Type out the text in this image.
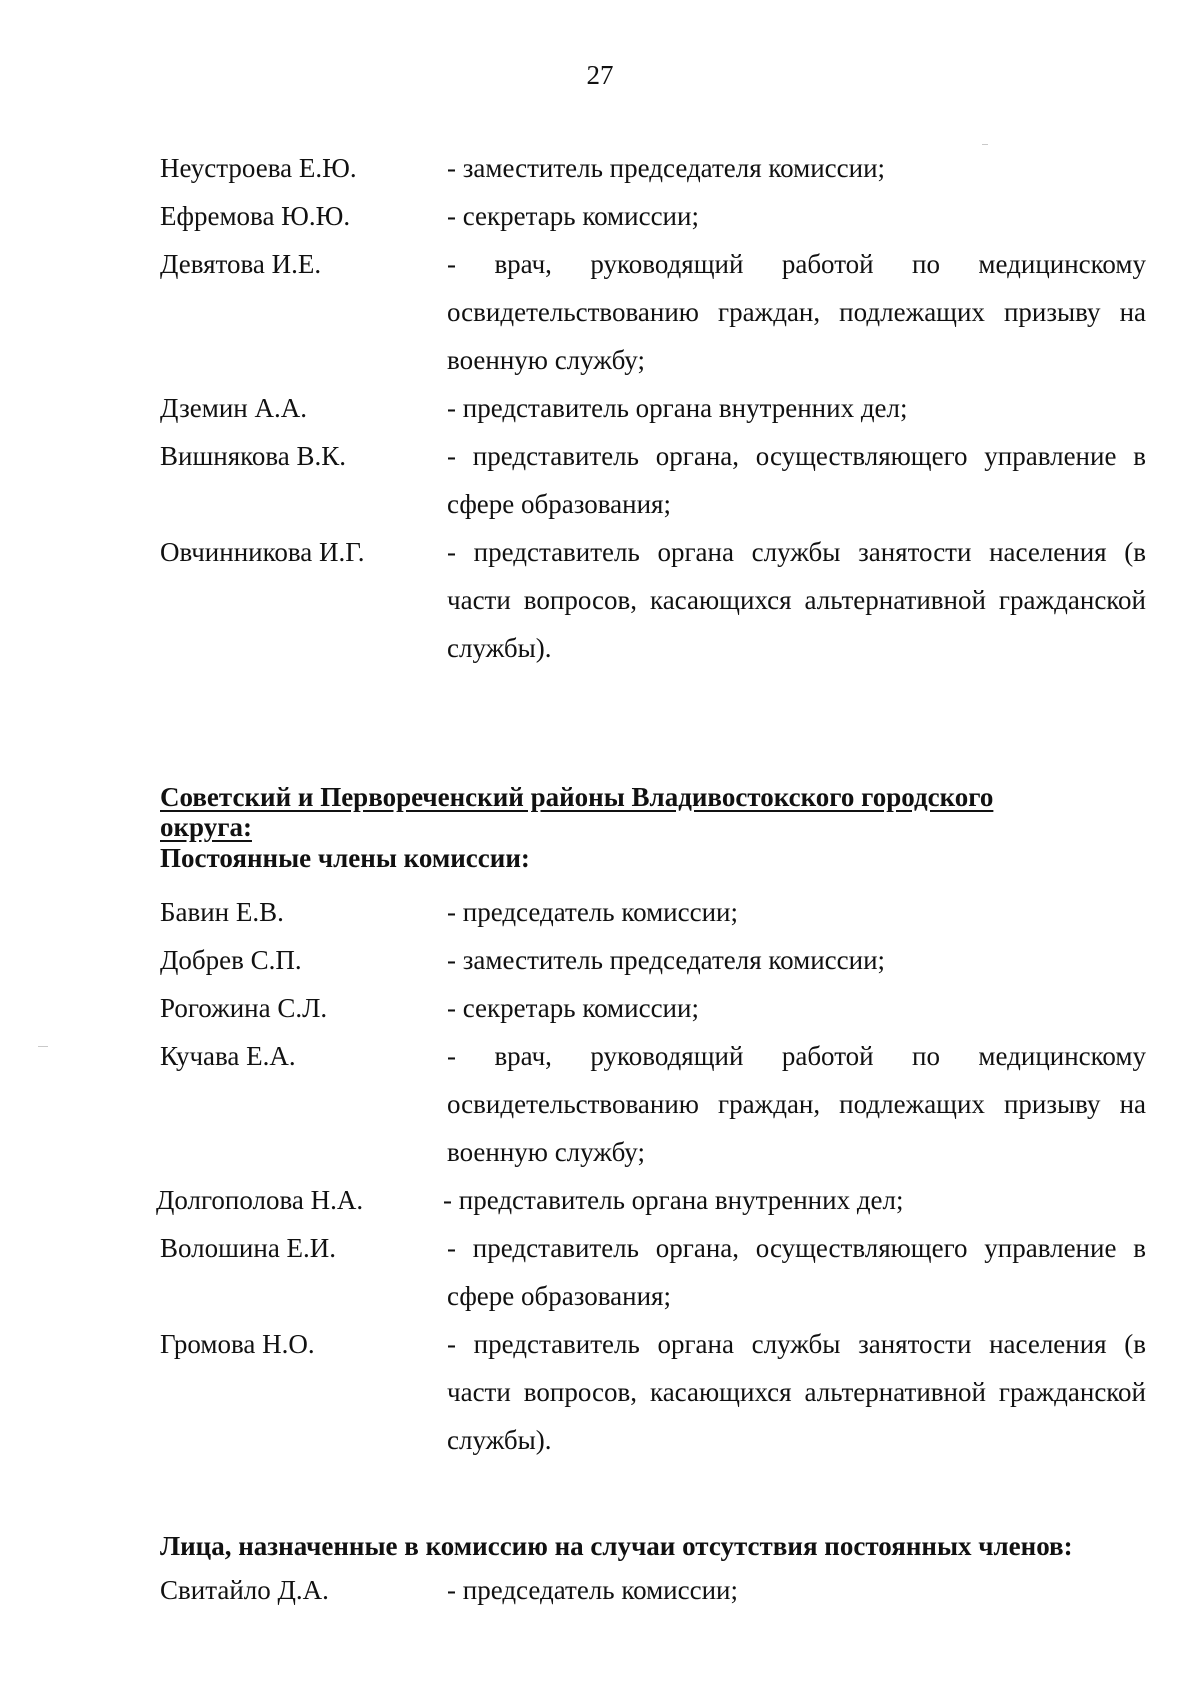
27
Неустроева Е.Ю.	- заместитель председателя комиссии;
Ефремова Ю.Ю.	- секретарь комиссии;
Девятова И.Е.	- врач, руководящий работой по медицинскому освидетельствованию граждан, подлежащих призыву на военную службу;
Дземин А.А.	- представитель органа внутренних дел;
Вишнякова В.К.	- представитель органа, осуществляющего управление в сфере образования;
Овчинникова И.Г.	- представитель органа службы занятости населения (в части вопросов, касающихся альтернативной гражданской службы).
Советский и Первореченский районы Владивостокского городского округа:
Постоянные члены комиссии:
Бавин Е.В.	- председатель комиссии;
Добрев С.П.	- заместитель председателя комиссии;
Рогожина С.Л.	- секретарь комиссии;
Кучава Е.А.	- врач, руководящий работой по медицинскому освидетельствованию граждан, подлежащих призыву на военную службу;
Долгополова Н.А.	- представитель органа внутренних дел;
Волошина Е.И.	- представитель органа, осуществляющего управление в сфере образования;
Громова Н.О.	- представитель органа службы занятости населения (в части вопросов, касающихся альтернативной гражданской службы).
Лица, назначенные в комиссию на случаи отсутствия постоянных членов:
Свитайло Д.А.	- председатель комиссии;
